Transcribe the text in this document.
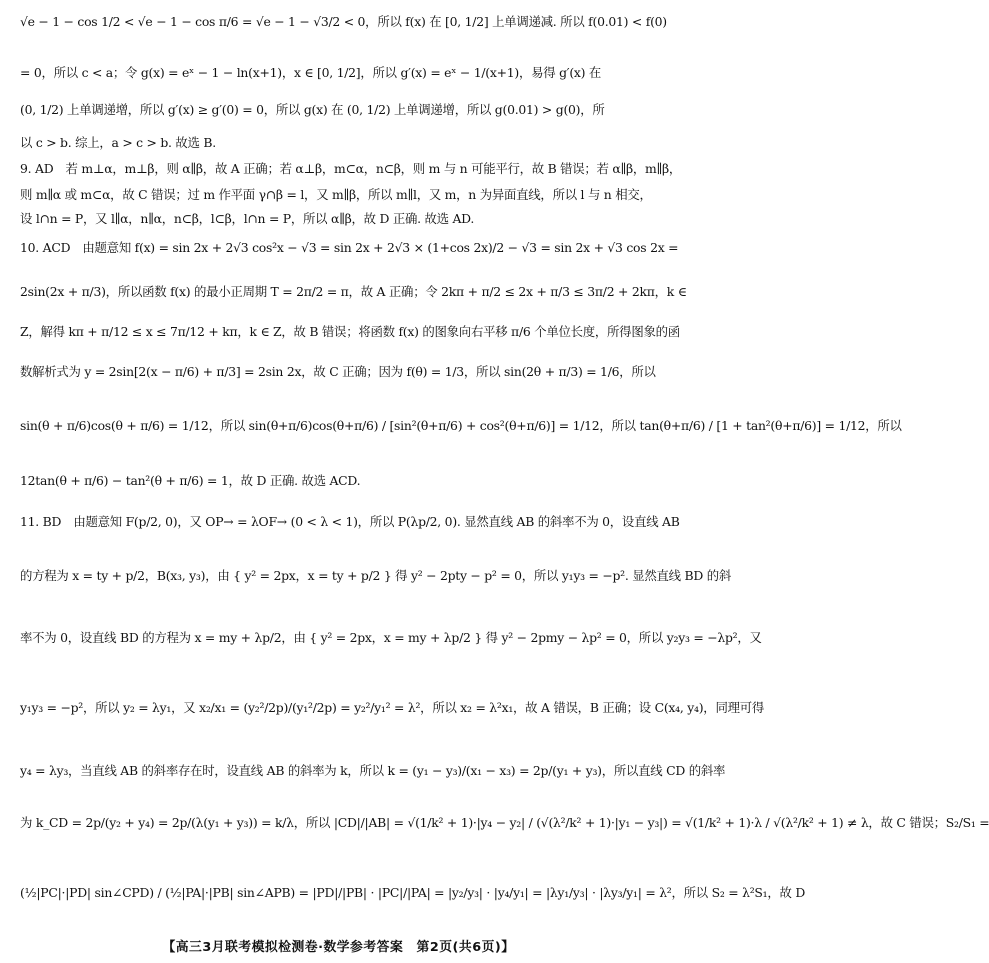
√e − 1 − cos 1/2 < √e − 1 − cos π/6 = √e − 1 − √3/2 < 0，所以 f(x) 在 [0, 1/2] 上单调递减. 所以 f(0.01) < f(0)
= 0，所以 c < a；令 g(x) = eˣ − 1 − ln(x+1)，x ∈ [0, 1/2]，所以 g′(x) = eˣ − 1/(x+1)，易得 g′(x) 在
(0, 1/2) 上单调递增，所以 g′(x) ≥ g′(0) = 0，所以 g(x) 在 (0, 1/2) 上单调递增，所以 g(0.01) > g(0)，所
以 c > b. 综上，a > c > b. 故选 B.
9. AD　若 m⊥α，m⊥β，则 α∥β，故 A 正确；若 α⊥β，m⊂α，n⊂β，则 m 与 n 可能平行，故 B 错误；若 α∥β，m∥β，
则 m∥α 或 m⊂α，故 C 错误；过 m 作平面 γ∩β = l，又 m∥β，所以 m∥l，又 m，n 为异面直线，所以 l 与 n 相交，
设 l∩n = P，又 l∥α，n∥α，n⊂β，l⊂β，l∩n = P，所以 α∥β，故 D 正确. 故选 AD.
10. ACD　由题意知 f(x) = sin 2x + 2√3 cos²x − √3 = sin 2x + 2√3 × (1+cos 2x)/2 − √3 = sin 2x + √3 cos 2x =
2sin(2x + π/3)，所以函数 f(x) 的最小正周期 T = 2π/2 = π，故 A 正确；令 2kπ + π/2 ≤ 2x + π/3 ≤ 3π/2 + 2kπ，k ∈
Z，解得 kπ + π/12 ≤ x ≤ 7π/12 + kπ，k ∈ Z，故 B 错误；将函数 f(x) 的图象向右平移 π/6 个单位长度，所得图象的函
数解析式为 y = 2sin[2(x − π/6) + π/3] = 2sin 2x，故 C 正确；因为 f(θ) = 1/3，所以 sin(2θ + π/3) = 1/6，所以
sin(θ + π/6)cos(θ + π/6) = 1/12，所以 sin(θ+π/6)cos(θ+π/6) / [sin²(θ+π/6) + cos²(θ+π/6)] = 1/12，所以 tan(θ+π/6) / [1 + tan²(θ+π/6)] = 1/12，所以
12tan(θ + π/6) − tan²(θ + π/6) = 1，故 D 正确. 故选 ACD.
11. BD　由题意知 F(p/2, 0)，又 OP→ = λOF→ (0 < λ < 1)，所以 P(λp/2, 0). 显然直线 AB 的斜率不为 0，设直线 AB
的方程为 x = ty + p/2，B(x₃, y₃)，由 { y² = 2px，x = ty + p/2 } 得 y² − 2pty − p² = 0，所以 y₁y₃ = −p². 显然直线 BD 的斜
率不为 0，设直线 BD 的方程为 x = my + λp/2，由 { y² = 2px，x = my + λp/2 } 得 y² − 2pmy − λp² = 0，所以 y₂y₃ = −λp²，又
y₁y₃ = −p²，所以 y₂ = λy₁，又 x₂/x₁ = (y₂²/2p)/(y₁²/2p) = y₂²/y₁² = λ²，所以 x₂ = λ²x₁，故 A 错误，B 正确；设 C(x₄, y₄)，同理可得
y₄ = λy₃，当直线 AB 的斜率存在时，设直线 AB 的斜率为 k，所以 k = (y₁ − y₃)/(x₁ − x₃) = 2p/(y₁ + y₃)，所以直线 CD 的斜率
为 k_CD = 2p/(y₂ + y₄) = 2p/(λ(y₁ + y₃)) = k/λ，所以 |CD|/|AB| = √(1/k² + 1)·|y₄ − y₂| / (√(λ²/k² + 1)·|y₁ − y₃|) = √(1/k² + 1)·λ / √(λ²/k² + 1) ≠ λ，故 C 错误；S₂/S₁ =
(½|PC|·|PD| sin∠CPD) / (½|PA|·|PB| sin∠APB) = |PD|/|PB| · |PC|/|PA| = |y₂/y₃| · |y₄/y₁| = |λy₁/y₃| · |λy₃/y₁| = λ²，所以 S₂ = λ²S₁，故 D
【高三3月联考模拟检测卷·数学参考答案　第2页(共6页)】
